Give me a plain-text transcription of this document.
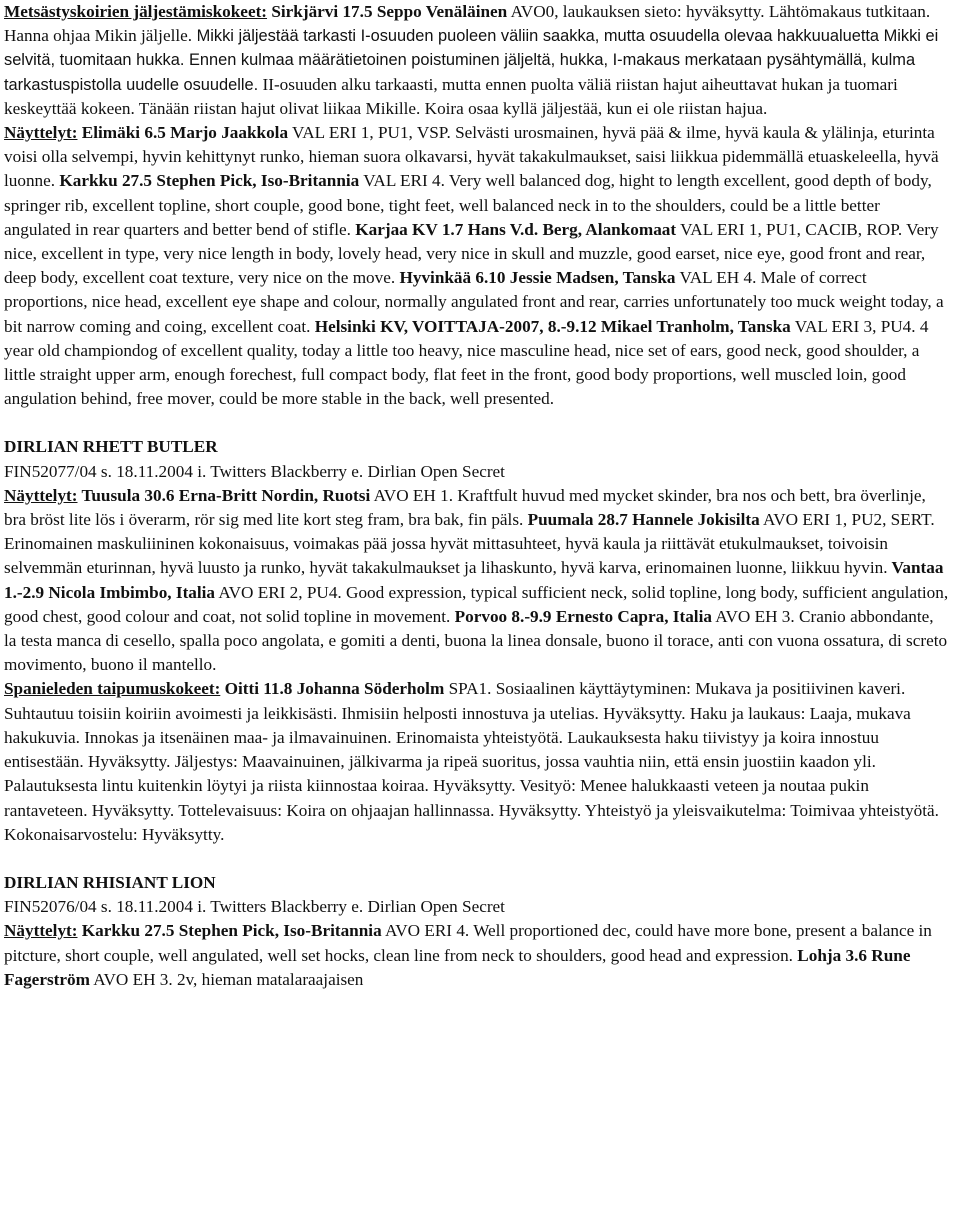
Metsästyskoirien jäljestämiskokeet: Sirkjärvi 17.5 Seppo Venäläinen AVO0, laukauksen sieto: hyväksytty. Lähtömakaus tutkitaan. Hanna ohjaa Mikin jäljelle. Mikki jäljestää tarkasti I-osuuden puoleen väliin saakka, mutta osuudella olevaa hakkuualuetta Mikki ei selvitä, tuomitaan hukka. Ennen kulmaa määrätietoinen poistuminen jäljeltä, hukka, I-makaus merkataan pysähtymällä, kulma tarkastuspistolla uudelle osuudelle. II-osuuden alku tarkaasti, mutta ennen puolta väliä riistan hajut aiheuttavat hukan ja tuomari keskeyttää kokeen. Tänään riistan hajut olivat liikaa Mikille. Koira osaa kyllä jäljestää, kun ei ole riistan hajua.

Näyttelyt: Elimäki 6.5 Marjo Jaakkola VAL ERI 1, PU1, VSP. Selvästi urosmainen, hyvä pää & ilme, hyvä kaula & ylälinja, eturinta voisi olla selvempi, hyvin kehittynyt runko, hieman suora olkavarsi, hyvät takakulmaukset, saisi liikkua pidemmällä etuaskeleella, hyvä luonne. Karkku 27.5 Stephen Pick, Iso-Britannia VAL ERI 4. Very well balanced dog, hight to length excellent, good depth of body, springer rib, excellent topline, short couple, good bone, tight feet, well balanced neck in to the shoulders, could be a little better angulated in rear quarters and better bend of stifle. Karjaa KV 1.7 Hans V.d. Berg, Alankomaat VAL ERI 1, PU1, CACIB, ROP. Very nice, excellent in type, very nice length in body, lovely head, very nice in skull and muzzle, good earset, nice eye, good front and rear, deep body, excellent coat texture, very nice on the move. Hyvinkää 6.10 Jessie Madsen, Tanska VAL EH 4. Male of correct proportions, nice head, excellent eye shape and colour, normally angulated front and rear, carries unfortunately too muck weight today, a bit narrow coming and coing, excellent coat. Helsinki KV, VOITTAJA-2007, 8.-9.12 Mikael Tranholm, Tanska VAL ERI 3, PU4. 4 year old championdog of excellent quality, today a little too heavy, nice masculine head, nice set of ears, good neck, good shoulder, a little straight upper arm, enough forechest, full compact body, flat feet in the front, good body proportions, well muscled loin, good angulation behind, free mover, could be more stable in the back, well presented.

DIRLIAN RHETT BUTLER

FIN52077/04 s. 18.11.2004 i. Twitters Blackberry e. Dirlian Open Secret

Näyttelyt: Tuusula 30.6 Erna-Britt Nordin, Ruotsi AVO EH 1. Kraftfult huvud med mycket skinder, bra nos och bett, bra överlinje, bra bröst lite lös i överarm, rör sig med lite kort steg fram, bra bak, fin päls. Puumala 28.7 Hannele Jokisilta AVO ERI 1, PU2, SERT. Erinomainen maskuliininen kokonaisuus, voimakas pää jossa hyvät mittasuhteet, hyvä kaula ja riittävät etukulmaukset, toivoisin selvemmän eturinnan, hyvä luusto ja runko, hyvät takakulmaukset ja lihaskunto, hyvä karva, erinomainen luonne, liikkuu hyvin. Vantaa 1.-2.9 Nicola Imbimbo, Italia AVO ERI 2, PU4. Good expression, typical sufficient neck, solid topline, long body, sufficient angulation, good chest, good colour and coat, not solid topline in movement. Porvoo 8.-9.9 Ernesto Capra, Italia AVO EH 3. Cranio abbondante, la testa manca di cesello, spalla poco angolata, e gomiti a denti, buona la linea donsale, buono il torace, anti con vuona ossatura, di screto movimento, buono il mantello.

Spanieleden taipumuskokeet: Oitti 11.8 Johanna Söderholm SPA1. Sosiaalinen käyttäytyminen: Mukava ja positiivinen kaveri. Suhtautuu toisiin koiriin avoimesti ja leikkisästi. Ihmisiin helposti innostuva ja utelias. Hyväksytty. Haku ja laukaus: Laaja, mukava hakukuvia. Innokas ja itsenäinen maa- ja ilmavainuinen. Erinomaista yhteistyötä. Laukauksesta haku tiivistyy ja koira innostuu entisestään. Hyväksytty. Jäljestys: Maavainuinen, jälkivarma ja ripeä suoritus, jossa vauhtia niin, että ensin juostiin kaadon yli. Palautuksesta lintu kuitenkin löytyi ja riista kiinnostaa koiraa. Hyväksytty. Vesityö: Menee halukkaasti veteen ja noutaa pukin rantaveteen. Hyväksytty. Tottelevaisuus: Koira on ohjaajan hallinnassa. Hyväksytty. Yhteistyö ja yleisvaikutelma: Toimivaa yhteistyötä. Kokonaisarvostelu: Hyväksytty.

DIRLIAN RHISIANT LION

FIN52076/04 s. 18.11.2004 i. Twitters Blackberry e. Dirlian Open Secret

Näyttelyt: Karkku 27.5 Stephen Pick, Iso-Britannia AVO ERI 4. Well proportioned dec, could have more bone, present a balance in pitcture, short couple, well angulated, well set hocks, clean line from neck to shoulders, good head and expression. Lohja 3.6 Rune Fagerström AVO EH 3. 2v, hieman matalaraajaisen
